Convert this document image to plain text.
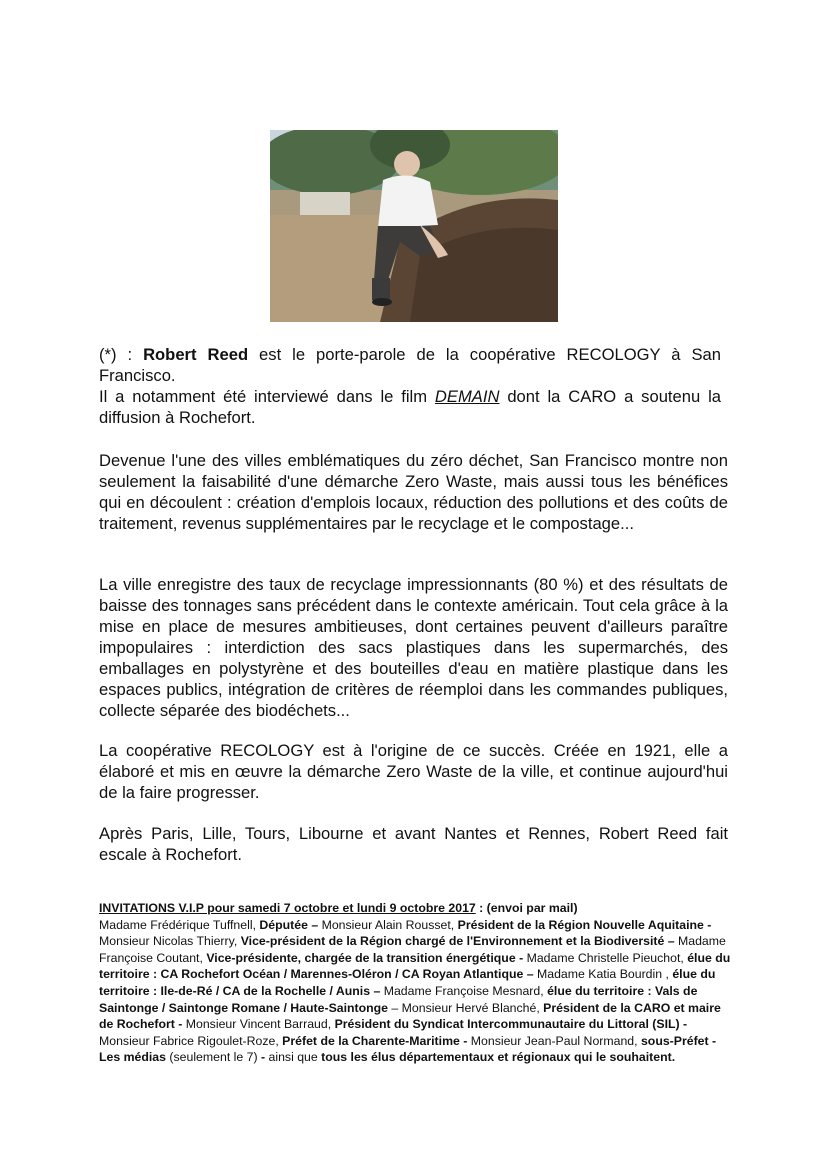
(*) : Robert Reed est le porte-parole de la coopérative RECOLOGY à San Francisco.
Il a notamment été interviewé dans le film DEMAIN dont la CARO a soutenu la diffusion à Rochefort.

Devenue l'une des villes emblématiques du zéro déchet, San Francisco montre non seulement la faisabilité d'une démarche Zero Waste, mais aussi tous les bénéfices qui en découlent : création d'emplois locaux, réduction des pollutions et des coûts de traitement, revenus supplémentaires par le recyclage et le compostage...

La ville enregistre des taux de recyclage impressionnants (80 %) et des résultats de baisse des tonnages sans précédent dans le contexte américain. Tout cela grâce à la mise en place de mesures ambitieuses, dont certaines peuvent d'ailleurs paraître impopulaires : interdiction des sacs plastiques dans les supermarchés, des emballages en polystyrène et des bouteilles d'eau en matière plastique dans les espaces publics, intégration de critères de réemploi dans les commandes publiques, collecte séparée des biodéchets...

La coopérative RECOLOGY est à l'origine de ce succès. Créée en 1921, elle a élaboré et mis en œuvre la démarche Zero Waste de la ville, et continue aujourd'hui de la faire progresser.

Après Paris, Lille, Tours, Libourne et avant Nantes et Rennes, Robert Reed fait escale à Rochefort.

INVITATIONS V.I.P pour samedi 7 octobre et lundi 9 octobre 2017 : (envoi par mail)
Madame Frédérique Tuffnell, Députée – Monsieur Alain Rousset, Président de la Région Nouvelle Aquitaine - Monsieur Nicolas Thierry, Vice-président de la Région chargé de l'Environnement et la Biodiversité – Madame Françoise Coutant, Vice-présidente, chargée de la transition énergétique - Madame Christelle Pieuchot, élue du territoire : CA Rochefort Océan / Marennes-Oléron / CA Royan Atlantique – Madame Katia Bourdin , élue du territoire : Ile-de-Ré / CA de la Rochelle / Aunis – Madame Françoise Mesnard, élue du territoire : Vals de Saintonge / Saintonge Romane / Haute-Saintonge – Monsieur Hervé Blanché, Président de la CARO et maire de Rochefort - Monsieur Vincent Barraud, Président du Syndicat Intercommunautaire du Littoral (SIL) - Monsieur Fabrice Rigoulet-Roze, Préfet de la Charente-Maritime - Monsieur Jean-Paul Normand, sous-Préfet - Les médias (seulement le 7) - ainsi que tous les élus départementaux et régionaux qui le souhaitent.
